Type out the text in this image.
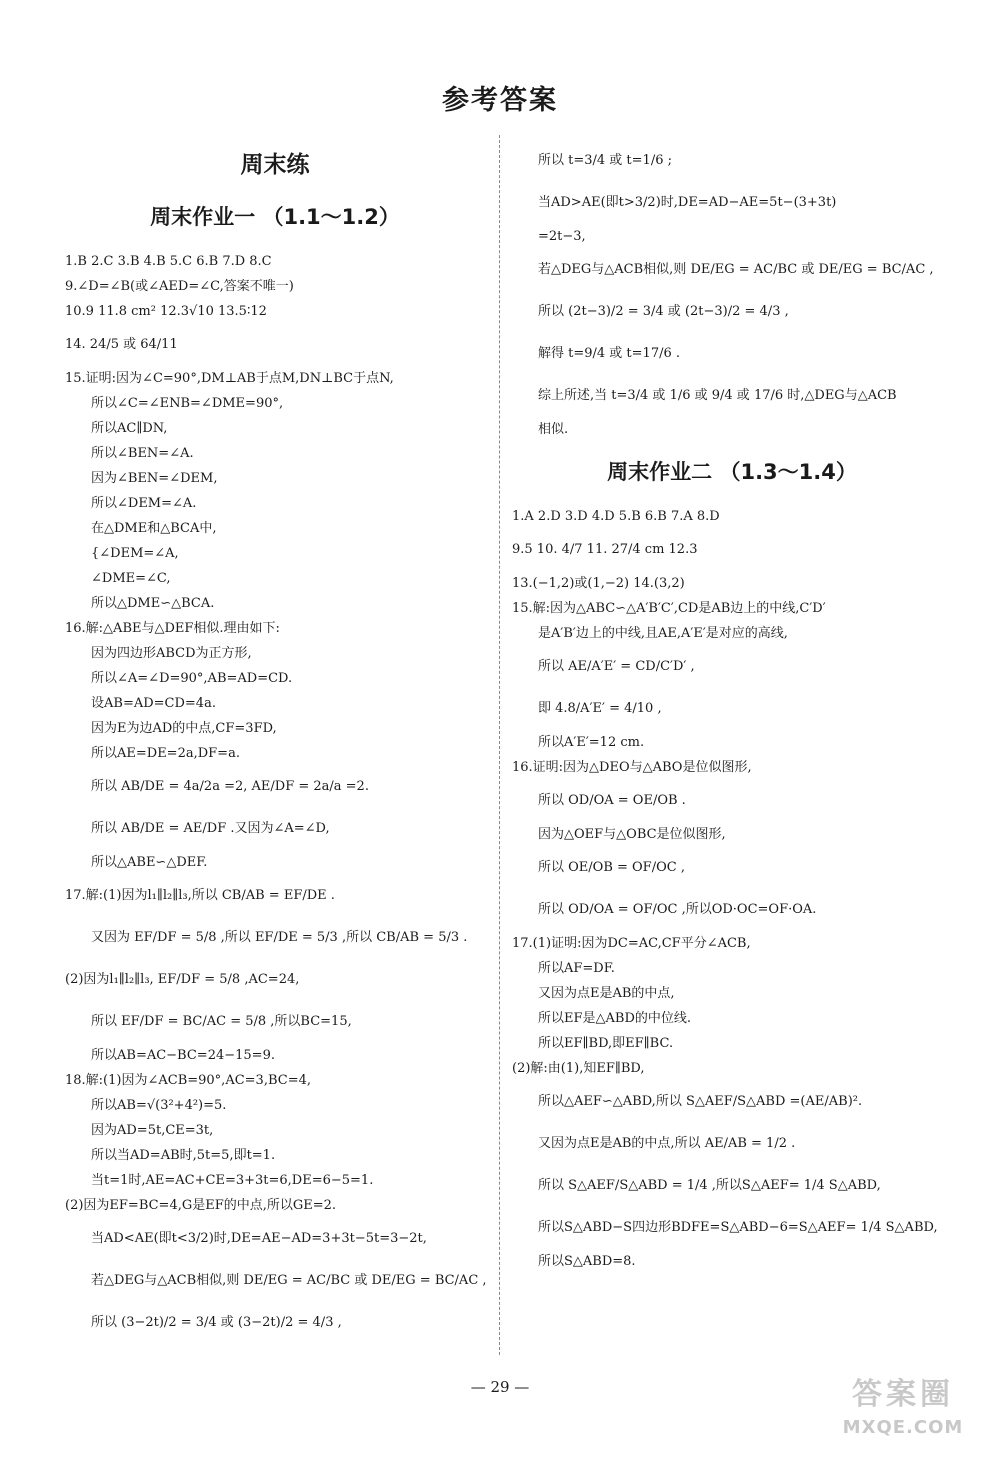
参考答案
周末练
周末作业一 （1.1～1.2）
1.B 2.C 3.B 4.B 5.C 6.B 7.D 8.C
9.∠D=∠B(或∠AED=∠C,答案不唯一)
10.9 11.8 cm² 12.3√10 13.5∶12
14. 24/5 或 64/11
15.证明:因为∠C=90°,DM⊥AB于点M,DN⊥BC于点N,
所以∠C=∠ENB=∠DME=90°,
所以AC∥DN,
所以∠BEN=∠A.
因为∠BEN=∠DEM,
所以∠DEM=∠A.
在△DME和△BCA中,
{∠DEM=∠A,
∠DME=∠C,
所以△DME∽△BCA.
16.解:△ABE与△DEF相似.理由如下:
因为四边形ABCD为正方形,
所以∠A=∠D=90°,AB=AD=CD.
设AB=AD=CD=4a.
因为E为边AD的中点,CF=3FD,
所以AE=DE=2a,DF=a.
所以 AB/DE = 4a/2a =2, AE/DF = 2a/a =2.
所以 AB/DE = AE/DF .又因为∠A=∠D,
所以△ABE∽△DEF.
17.解:(1)因为l₁∥l₂∥l₃,所以 CB/AB = EF/DE .
又因为 EF/DF = 5/8 ,所以 EF/DE = 5/3 ,所以 CB/AB = 5/3 .
(2)因为l₁∥l₂∥l₃, EF/DF = 5/8 ,AC=24,
所以 EF/DF = BC/AC = 5/8 ,所以BC=15,
所以AB=AC−BC=24−15=9.
18.解:(1)因为∠ACB=90°,AC=3,BC=4,
所以AB=√(3²+4²)=5.
因为AD=5t,CE=3t,
所以当AD=AB时,5t=5,即t=1.
当t=1时,AE=AC+CE=3+3t=6,DE=6−5=1.
(2)因为EF=BC=4,G是EF的中点,所以GE=2.
当AD<AE(即t<3/2)时,DE=AE−AD=3+3t−5t=3−2t,
若△DEG与△ACB相似,则 DE/EG = AC/BC 或 DE/EG = BC/AC ,
所以 (3−2t)/2 = 3/4 或 (3−2t)/2 = 4/3 ,
所以 t=3/4 或 t=1/6 ;
当AD>AE(即t>3/2)时,DE=AD−AE=5t−(3+3t)
=2t−3,
若△DEG与△ACB相似,则 DE/EG = AC/BC 或 DE/EG = BC/AC ,
所以 (2t−3)/2 = 3/4 或 (2t−3)/2 = 4/3 ,
解得 t=9/4 或 t=17/6 .
综上所述,当 t=3/4 或 1/6 或 9/4 或 17/6 时,△DEG与△ACB
相似.
周末作业二 （1.3～1.4）
1.A 2.D 3.D 4.D 5.B 6.B 7.A 8.D
9.5 10. 4/7 11. 27/4 cm 12.3
13.(−1,2)或(1,−2) 14.(3,2)
15.解:因为△ABC∽△A′B′C′,CD是AB边上的中线,C′D′
是A′B′边上的中线,且AE,A′E′是对应的高线,
所以 AE/A′E′ = CD/C′D′ ,
即 4.8/A′E′ = 4/10 ,
所以A′E′=12 cm.
16.证明:因为△DEO与△ABO是位似图形,
所以 OD/OA = OE/OB .
因为△OEF与△OBC是位似图形,
所以 OE/OB = OF/OC ,
所以 OD/OA = OF/OC ,所以OD·OC=OF·OA.
17.(1)证明:因为DC=AC,CF平分∠ACB,
所以AF=DF.
又因为点E是AB的中点,
所以EF是△ABD的中位线.
所以EF∥BD,即EF∥BC.
(2)解:由(1),知EF∥BD,
所以△AEF∽△ABD,所以 S△AEF/S△ABD =(AE/AB)².
又因为点E是AB的中点,所以 AE/AB = 1/2 .
所以 S△AEF/S△ABD = 1/4 ,所以S△AEF= 1/4 S△ABD,
所以S△ABD−S四边形BDFE=S△ABD−6=S△AEF= 1/4 S△ABD,
所以S△ABD=8.
— 29 —	答案圈
MXQE.COM
